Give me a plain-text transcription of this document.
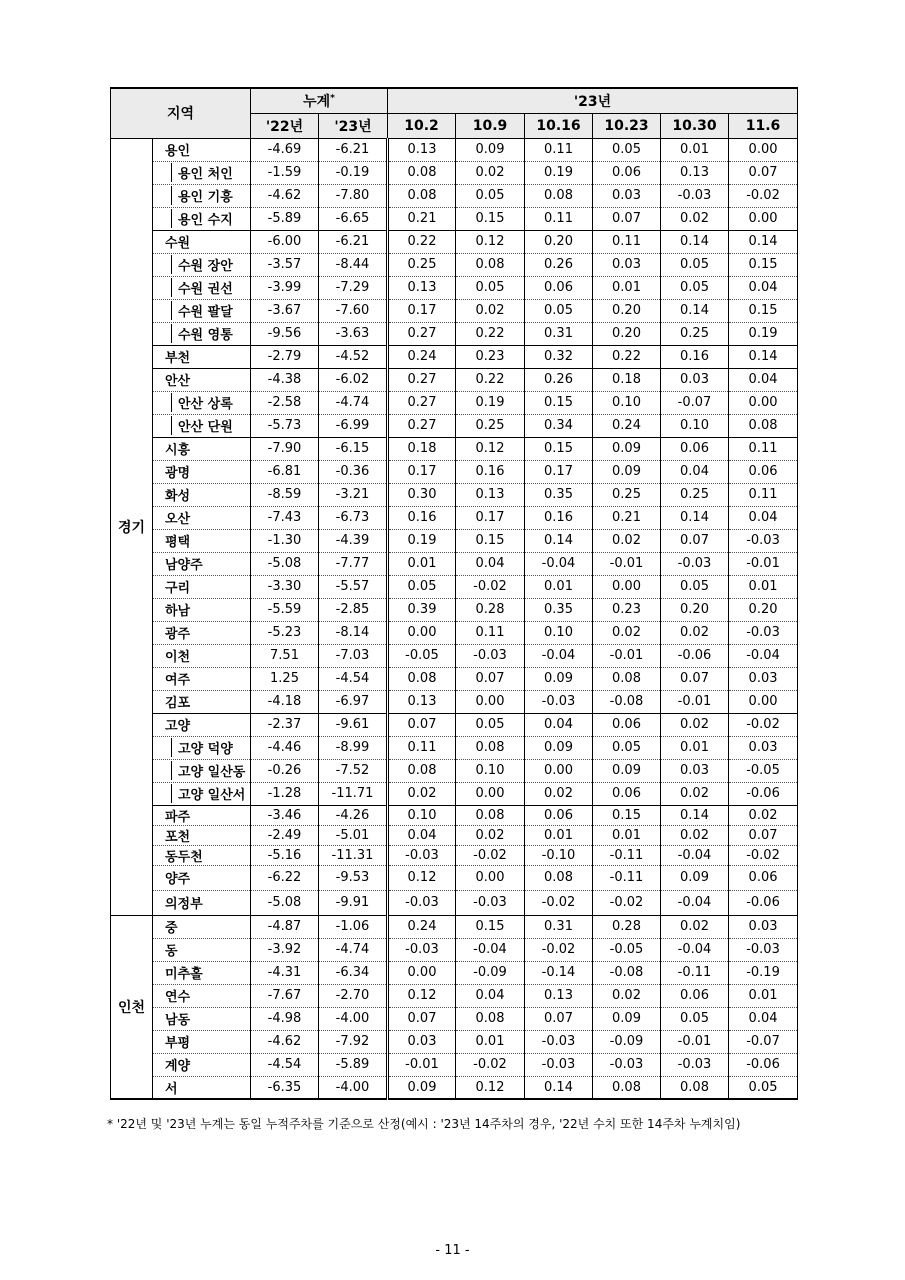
지역		누계*		'23년					
		'22년	'23년	10.2	10.9	10.16	10.23	10.30	11.6
경기	용인	-4.69	-6.21	0.13	0.09	0.11	0.05	0.01	0.00
	용인 처인	-1.59	-0.19	0.08	0.02	0.19	0.06	0.13	0.07
	용인 기흥	-4.62	-7.80	0.08	0.05	0.08	0.03	-0.03	-0.02
	용인 수지	-5.89	-6.65	0.21	0.15	0.11	0.07	0.02	0.00
	수원	-6.00	-6.21	0.22	0.12	0.20	0.11	0.14	0.14
	수원 장안	-3.57	-8.44	0.25	0.08	0.26	0.03	0.05	0.15
	수원 권선	-3.99	-7.29	0.13	0.05	0.06	0.01	0.05	0.04
	수원 팔달	-3.67	-7.60	0.17	0.02	0.05	0.20	0.14	0.15
	수원 영통	-9.56	-3.63	0.27	0.22	0.31	0.20	0.25	0.19
	부천	-2.79	-4.52	0.24	0.23	0.32	0.22	0.16	0.14
	안산	-4.38	-6.02	0.27	0.22	0.26	0.18	0.03	0.04
	안산 상록	-2.58	-4.74	0.27	0.19	0.15	0.10	-0.07	0.00
	안산 단원	-5.73	-6.99	0.27	0.25	0.34	0.24	0.10	0.08
	시흥	-7.90	-6.15	0.18	0.12	0.15	0.09	0.06	0.11
	광명	-6.81	-0.36	0.17	0.16	0.17	0.09	0.04	0.06
	화성	-8.59	-3.21	0.30	0.13	0.35	0.25	0.25	0.11
	오산	-7.43	-6.73	0.16	0.17	0.16	0.21	0.14	0.04
	평택	-1.30	-4.39	0.19	0.15	0.14	0.02	0.07	-0.03
	남양주	-5.08	-7.77	0.01	0.04	-0.04	-0.01	-0.03	-0.01
	구리	-3.30	-5.57	0.05	-0.02	0.01	0.00	0.05	0.01
	하남	-5.59	-2.85	0.39	0.28	0.35	0.23	0.20	0.20
	광주	-5.23	-8.14	0.00	0.11	0.10	0.02	0.02	-0.03
	이천	7.51	-7.03	-0.05	-0.03	-0.04	-0.01	-0.06	-0.04
	여주	1.25	-4.54	0.08	0.07	0.09	0.08	0.07	0.03
	김포	-4.18	-6.97	0.13	0.00	-0.03	-0.08	-0.01	0.00
	고양	-2.37	-9.61	0.07	0.05	0.04	0.06	0.02	-0.02
	고양 덕양	-4.46	-8.99	0.11	0.08	0.09	0.05	0.01	0.03
	고양 일산동	-0.26	-7.52	0.08	0.10	0.00	0.09	0.03	-0.05
	고양 일산서	-1.28	-11.71	0.02	0.00	0.02	0.06	0.02	-0.06
	파주	-3.46	-4.26	0.10	0.08	0.06	0.15	0.14	0.02
	포천	-2.49	-5.01	0.04	0.02	0.01	0.01	0.02	0.07
	동두천	-5.16	-11.31	-0.03	-0.02	-0.10	-0.11	-0.04	-0.02
	양주	-6.22	-9.53	0.12	0.00	0.08	-0.11	0.09	0.06
	의정부	-5.08	-9.91	-0.03	-0.03	-0.02	-0.02	-0.04	-0.06
인천	중	-4.87	-1.06	0.24	0.15	0.31	0.28	0.02	0.03
	동	-3.92	-4.74	-0.03	-0.04	-0.02	-0.05	-0.04	-0.03
	미추홀	-4.31	-6.34	0.00	-0.09	-0.14	-0.08	-0.11	-0.19
	연수	-7.67	-2.70	0.12	0.04	0.13	0.02	0.06	0.01
	남동	-4.98	-4.00	0.07	0.08	0.07	0.09	0.05	0.04
	부평	-4.62	-7.92	0.03	0.01	-0.03	-0.09	-0.01	-0.07
	계양	-4.54	-5.89	-0.01	-0.02	-0.03	-0.03	-0.03	-0.06
	서	-6.35	-4.00	0.09	0.12	0.14	0.08	0.08	0.05
* '22년 및 '23년 누계는 동일 누적주차를 기준으로 산정(예시 : '23년 14주차의 경우, '22년 수치 또한 14주차 누계치임)
- 11 -
